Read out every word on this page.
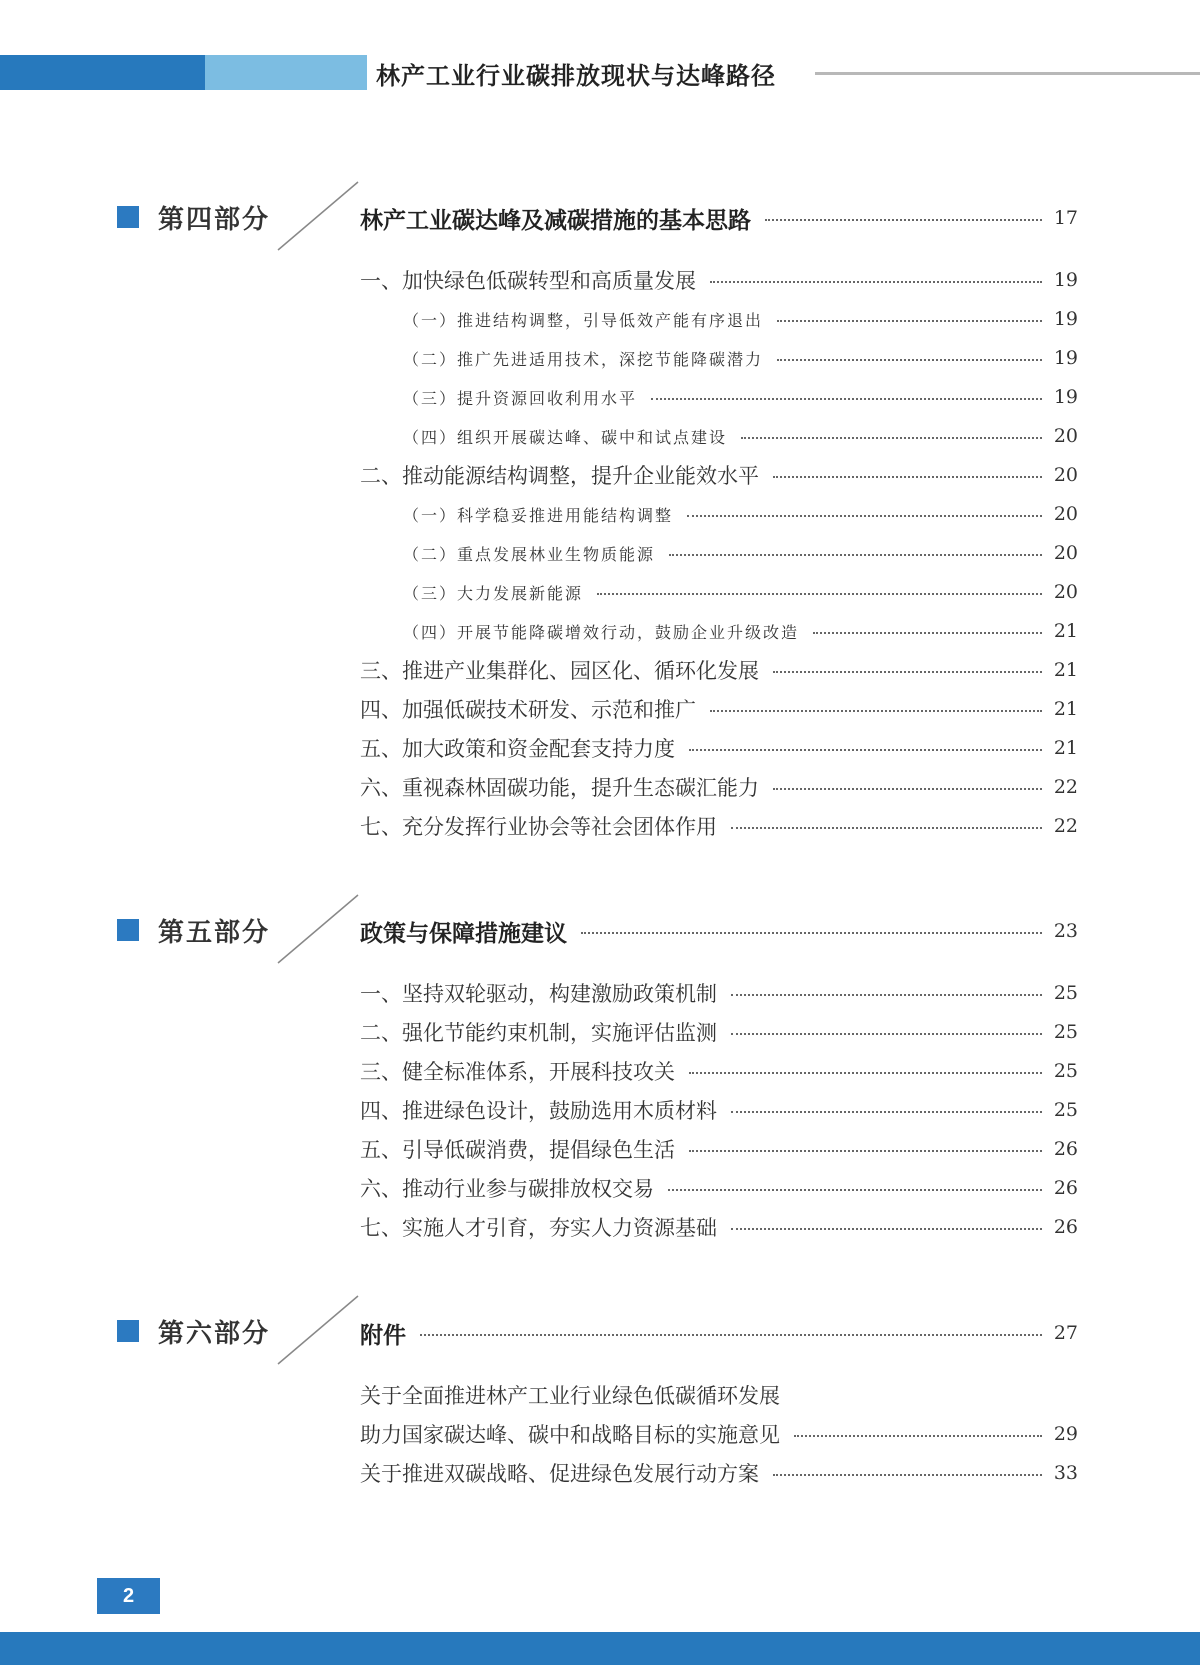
林产工业行业碳排放现状与达峰路径
第四部分	林产工业碳达峰及减碳措施的基本思路	17
一、加快绿色低碳转型和高质量发展	19
（一）推进结构调整，引导低效产能有序退出	19
（二）推广先进适用技术，深挖节能降碳潜力	19
（三）提升资源回收利用水平	19
（四）组织开展碳达峰、碳中和试点建设	20
二、推动能源结构调整，提升企业能效水平	20
（一）科学稳妥推进用能结构调整	20
（二）重点发展林业生物质能源	20
（三）大力发展新能源	20
（四）开展节能降碳增效行动，鼓励企业升级改造	21
三、推进产业集群化、园区化、循环化发展	21
四、加强低碳技术研发、示范和推广	21
五、加大政策和资金配套支持力度	21
六、重视森林固碳功能，提升生态碳汇能力	22
七、充分发挥行业协会等社会团体作用	22
第五部分	政策与保障措施建议	23
一、坚持双轮驱动，构建激励政策机制	25
二、强化节能约束机制，实施评估监测	25
三、健全标准体系，开展科技攻关	25
四、推进绿色设计，鼓励选用木质材料	25
五、引导低碳消费，提倡绿色生活	26
六、推动行业参与碳排放权交易	26
七、实施人才引育，夯实人力资源基础	26
第六部分	附件	27
关于全面推进林产工业行业绿色低碳循环发展
助力国家碳达峰、碳中和战略目标的实施意见	29
关于推进双碳战略、促进绿色发展行动方案	33
2
